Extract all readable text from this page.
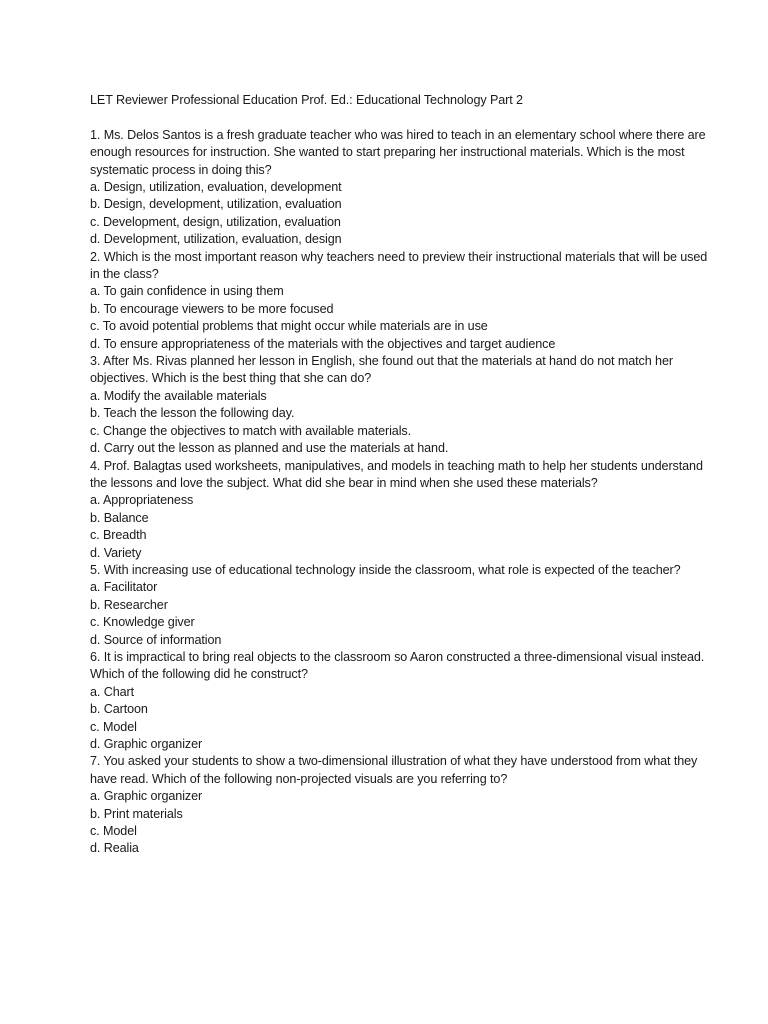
LET Reviewer Professional Education Prof. Ed.: Educational Technology Part 2

1. Ms. Delos Santos is a fresh graduate teacher who was hired to teach in an elementary school where there are enough resources for instruction. She wanted to start preparing her instructional materials. Which is the most systematic process in doing this?

a. Design, utilization, evaluation, development

b. Design, development, utilization, evaluation

c. Development, design, utilization, evaluation

d. Development, utilization, evaluation, design

2. Which is the most important reason why teachers need to preview their instructional materials that will be used in the class?

a. To gain confidence in using them

b. To encourage viewers to be more focused

c. To avoid potential problems that might occur while materials are in use

d. To ensure appropriateness of the materials with the objectives and target audience

3. After Ms. Rivas planned her lesson in English, she found out that the materials at hand do not match her objectives. Which is the best thing that she can do?

a. Modify the available materials

b. Teach the lesson the following day.

c. Change the objectives to match with available materials.

d. Carry out the lesson as planned and use the materials at hand.

4. Prof. Balagtas used worksheets, manipulatives, and models in teaching math to help her students understand the lessons and love the subject. What did she bear in mind when she used these materials?

a. Appropriateness

b. Balance

c. Breadth

d. Variety

5. With increasing use of educational technology inside the classroom, what role is expected of the teacher?

a. Facilitator

b. Researcher

c. Knowledge giver

d. Source of information

6. It is impractical to bring real objects to the classroom so Aaron constructed a three-dimensional visual instead. Which of the following did he construct?

a. Chart

b. Cartoon

c. Model

d. Graphic organizer

7. You asked your students to show a two-dimensional illustration of what they have understood from what they have read. Which of the following non-projected visuals are you referring to?

a. Graphic organizer

b. Print materials

c. Model

d. Realia
